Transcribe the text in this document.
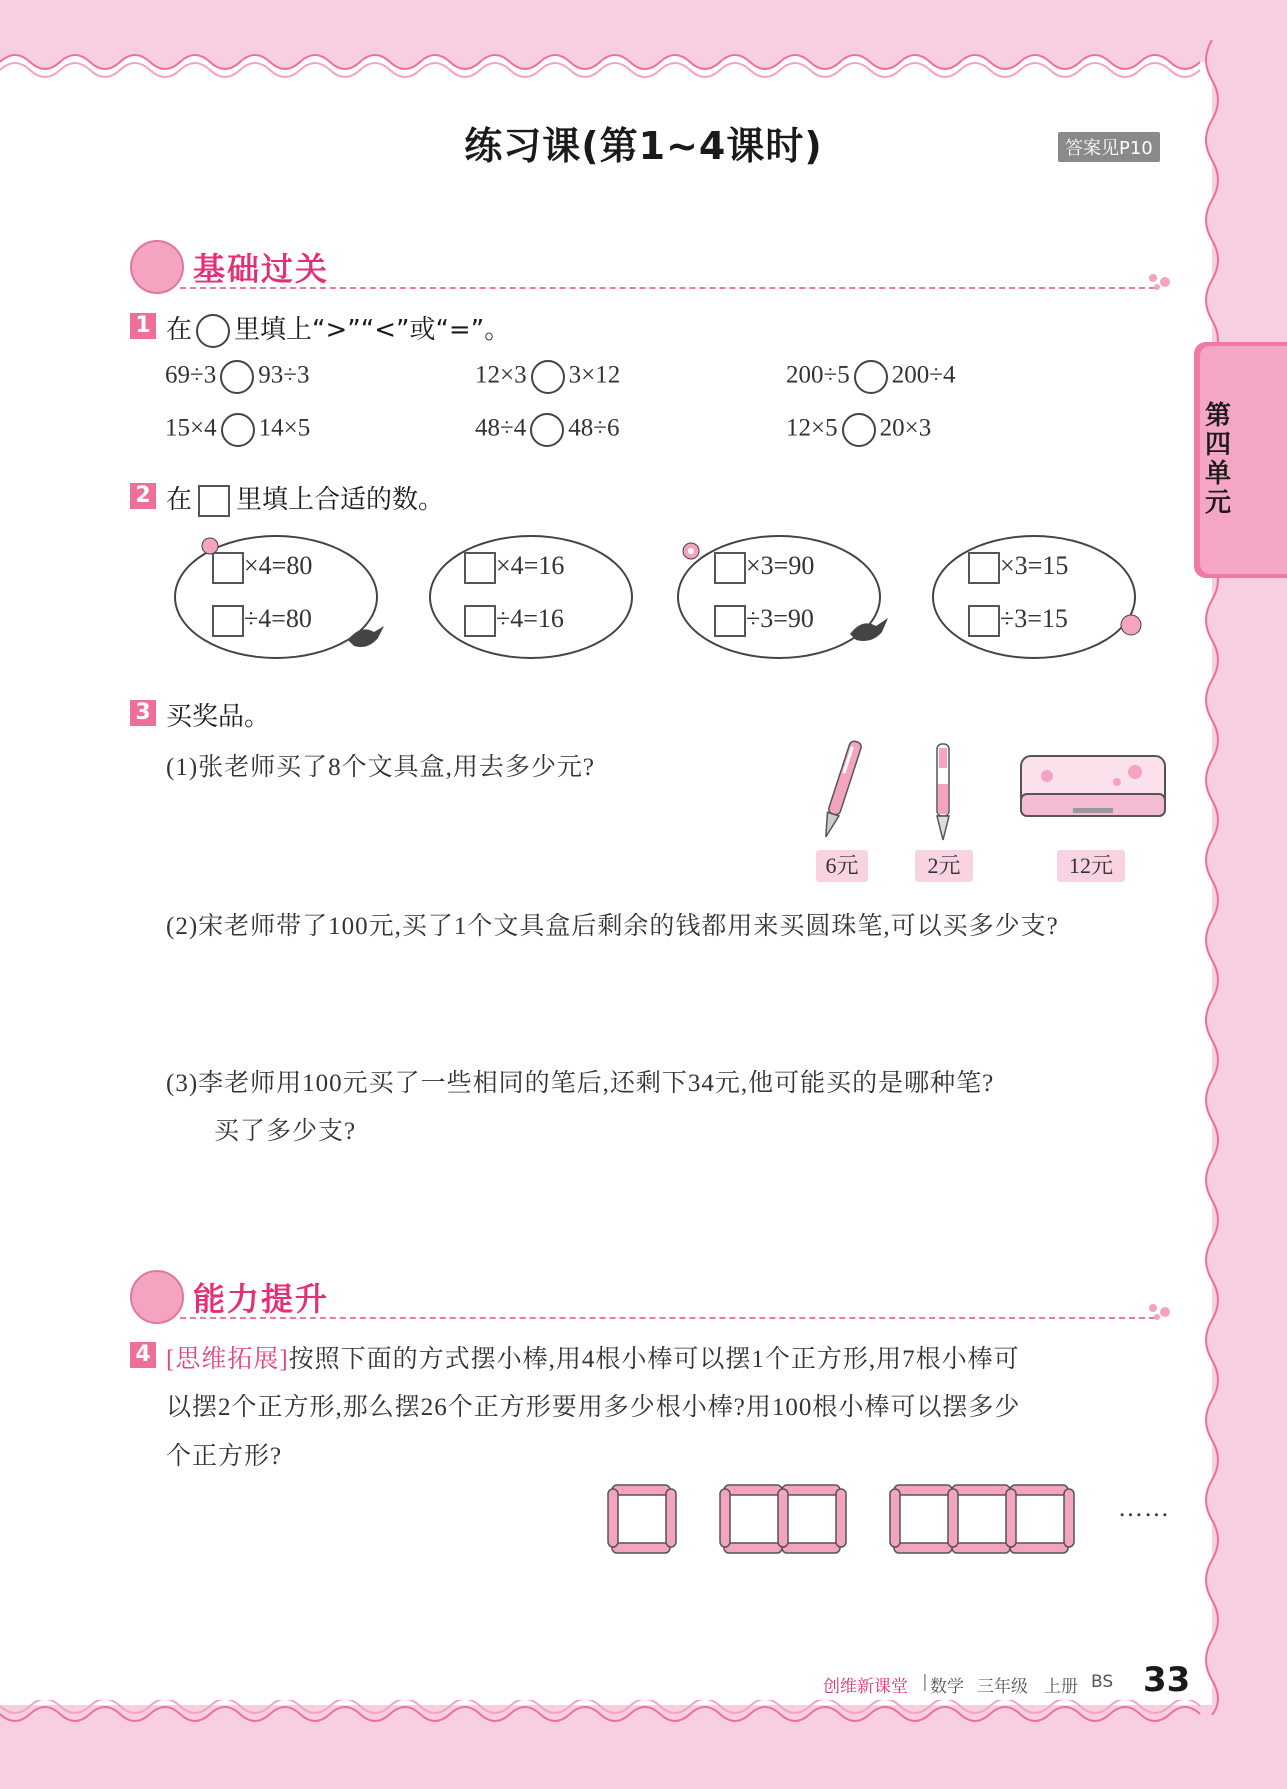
练习课(第1~4课时)	答案见P10
第四单元
基础过关
1 在 里填上“>”“<”或“=”。
69÷3 93÷3	12×3 3×12	200÷5 200÷4
15×4 14×5	48÷4 48÷6	12×5 20×3
2 在 里填上合适的数。
×4=80
÷4=80
×4=16
÷4=16
×3=90
÷3=90
×3=15
÷3=15
3 买奖品。
(1)张老师买了8个文具盒,用去多少元?
6元	2元	12元
(2)宋老师带了100元,买了1个文具盒后剩余的钱都用来买圆珠笔,可以买多少支?
(3)李老师用100元买了一些相同的笔后,还剩下34元,他可能买的是哪种笔?
买了多少支?
能力提升
4 [思维拓展]按照下面的方式摆小棒,用4根小棒可以摆1个正方形,用7根小棒可
以摆2个正方形,那么摆26个正方形要用多少根小棒?用100根小棒可以摆多少
个正方形?
……
创维新课堂 | 数学 三年级 上册 BS 33
